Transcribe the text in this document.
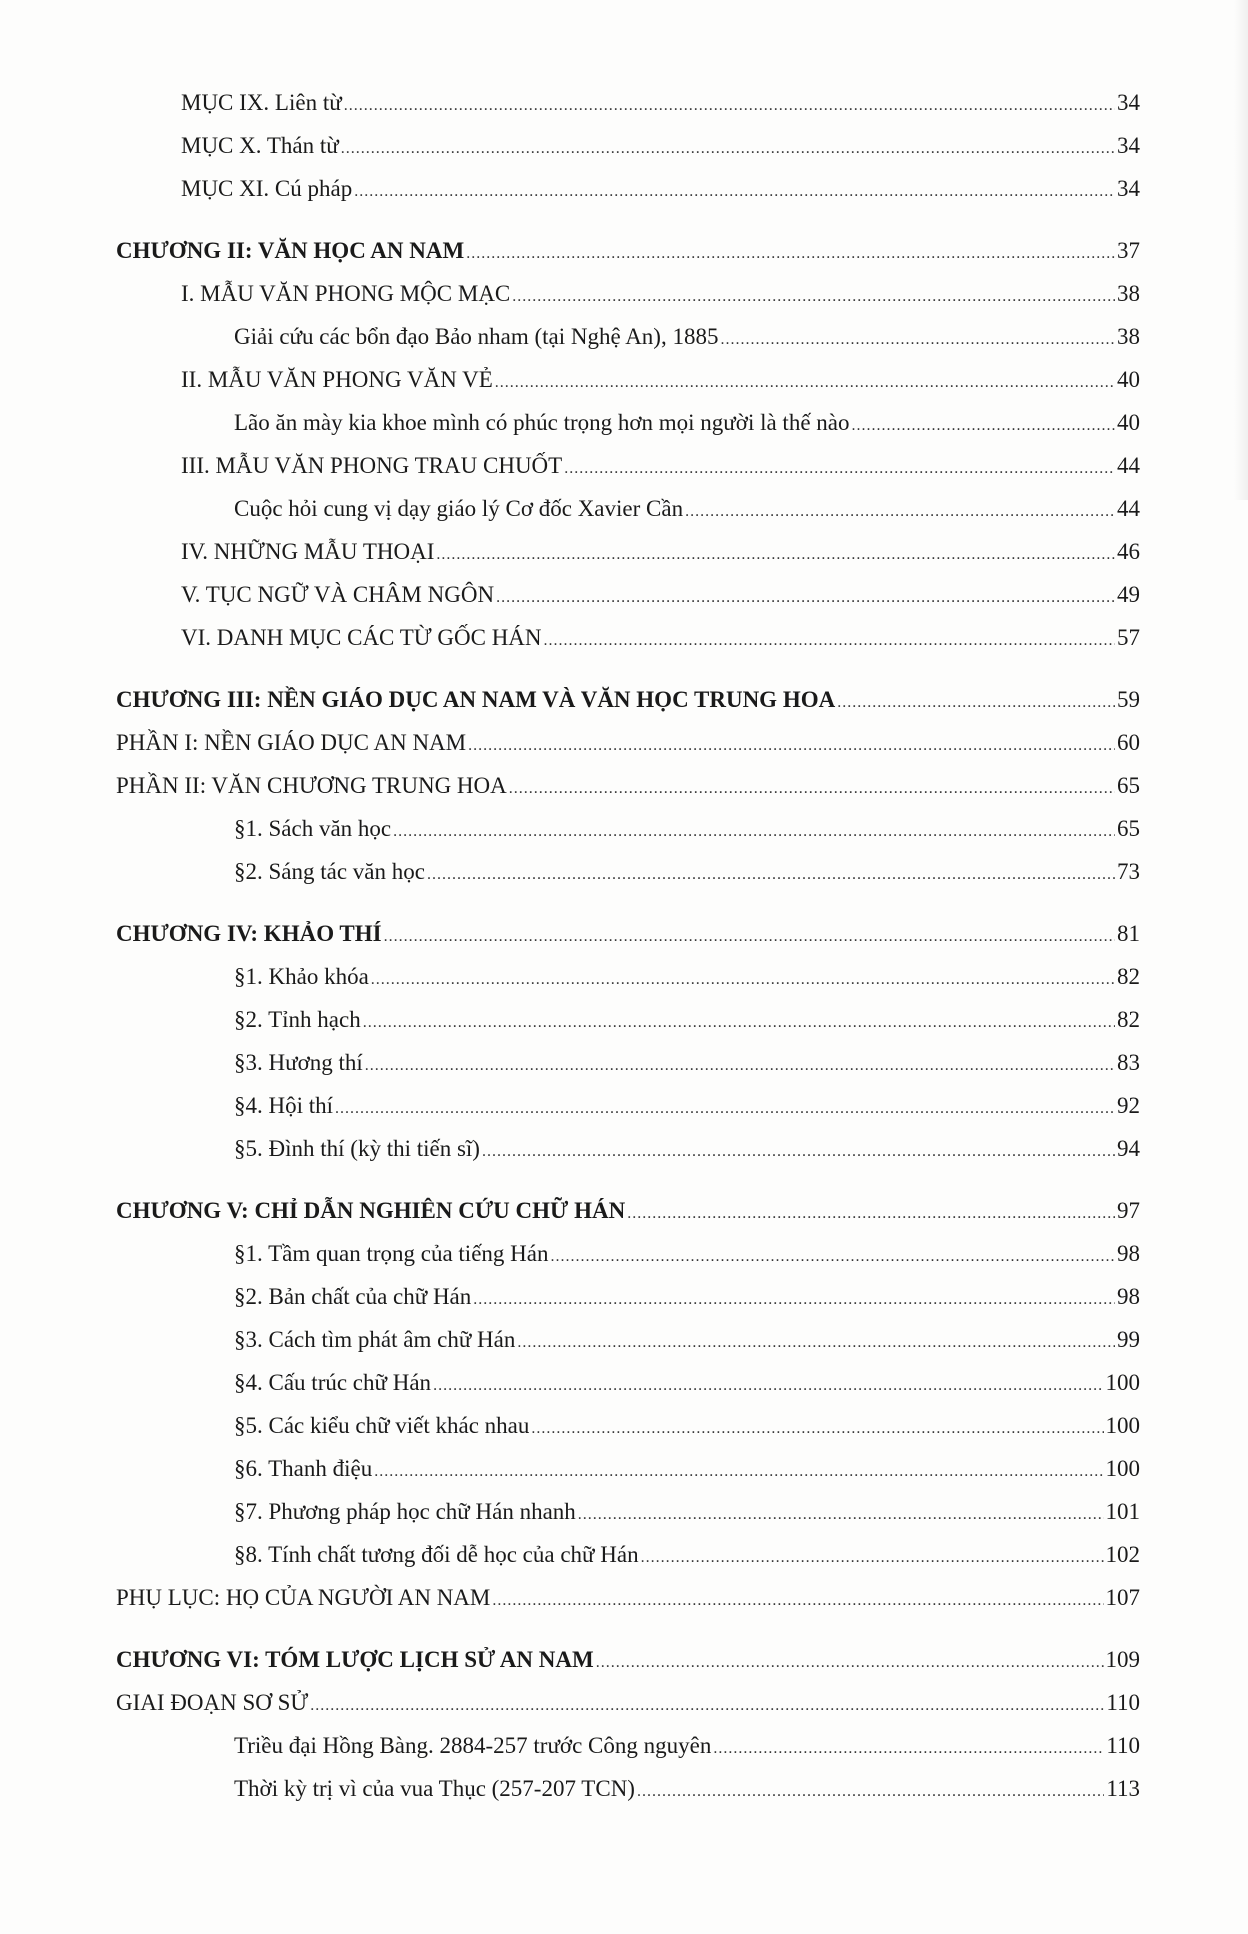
MỤC IX. Liên từ .....	34
MỤC X. Thán từ .....	34
MỤC XI. Cú pháp .....	34
CHƯƠNG II: VĂN HỌC AN NAM .....	37
I. MẪU VĂN PHONG MỘC MẠC .....	38
Giải cứu các bổn đạo Bảo nham (tại Nghệ An), 1885 .....	38
II. MẪU VĂN PHONG VĂN VẺ .....	40
Lão ăn mày kia khoe mình có phúc trọng hơn mọi người là thế nào .....	40
III. MẪU VĂN PHONG TRAU CHUỐT .....	44
Cuộc hỏi cung vị dạy giáo lý Cơ đốc Xavier Cần .....	44
IV. NHỮNG MẪU THOẠI .....	46
V. TỤC NGỮ VÀ CHÂM NGÔN .....	49
VI. DANH MỤC CÁC TỪ GỐC HÁN .....	57
CHƯƠNG III: NỀN GIÁO DỤC AN NAM VÀ VĂN HỌC TRUNG HOA .....	59
PHẦN I: NỀN GIÁO DỤC AN NAM .....	60
PHẦN II: VĂN CHƯƠNG TRUNG HOA .....	65
§1. Sách văn học .....	65
§2. Sáng tác văn học .....	73
CHƯƠNG IV: KHẢO THÍ .....	81
§1. Khảo khóa .....	82
§2. Tỉnh hạch .....	82
§3. Hương thí .....	83
§4. Hội thí .....	92
§5. Đình thí (kỳ thi tiến sĩ) .....	94
CHƯƠNG V: CHỈ DẪN NGHIÊN CỨU CHỮ HÁN .....	97
§1. Tầm quan trọng của tiếng Hán .....	98
§2. Bản chất của chữ Hán .....	98
§3. Cách tìm phát âm chữ Hán .....	99
§4. Cấu trúc chữ Hán .....	100
§5. Các kiểu chữ viết khác nhau .....	100
§6. Thanh điệu .....	100
§7. Phương pháp học chữ Hán nhanh .....	101
§8. Tính chất tương đối dễ học của chữ Hán .....	102
PHỤ LỤC: HỌ CỦA NGƯỜI AN NAM .....	107
CHƯƠNG VI: TÓM LƯỢC LỊCH SỬ AN NAM .....	109
GIAI ĐOẠN SƠ SỬ .....	110
Triều đại Hồng Bàng. 2884-257 trước Công nguyên .....	110
Thời kỳ trị vì của vua Thục (257-207 TCN) .....	113
